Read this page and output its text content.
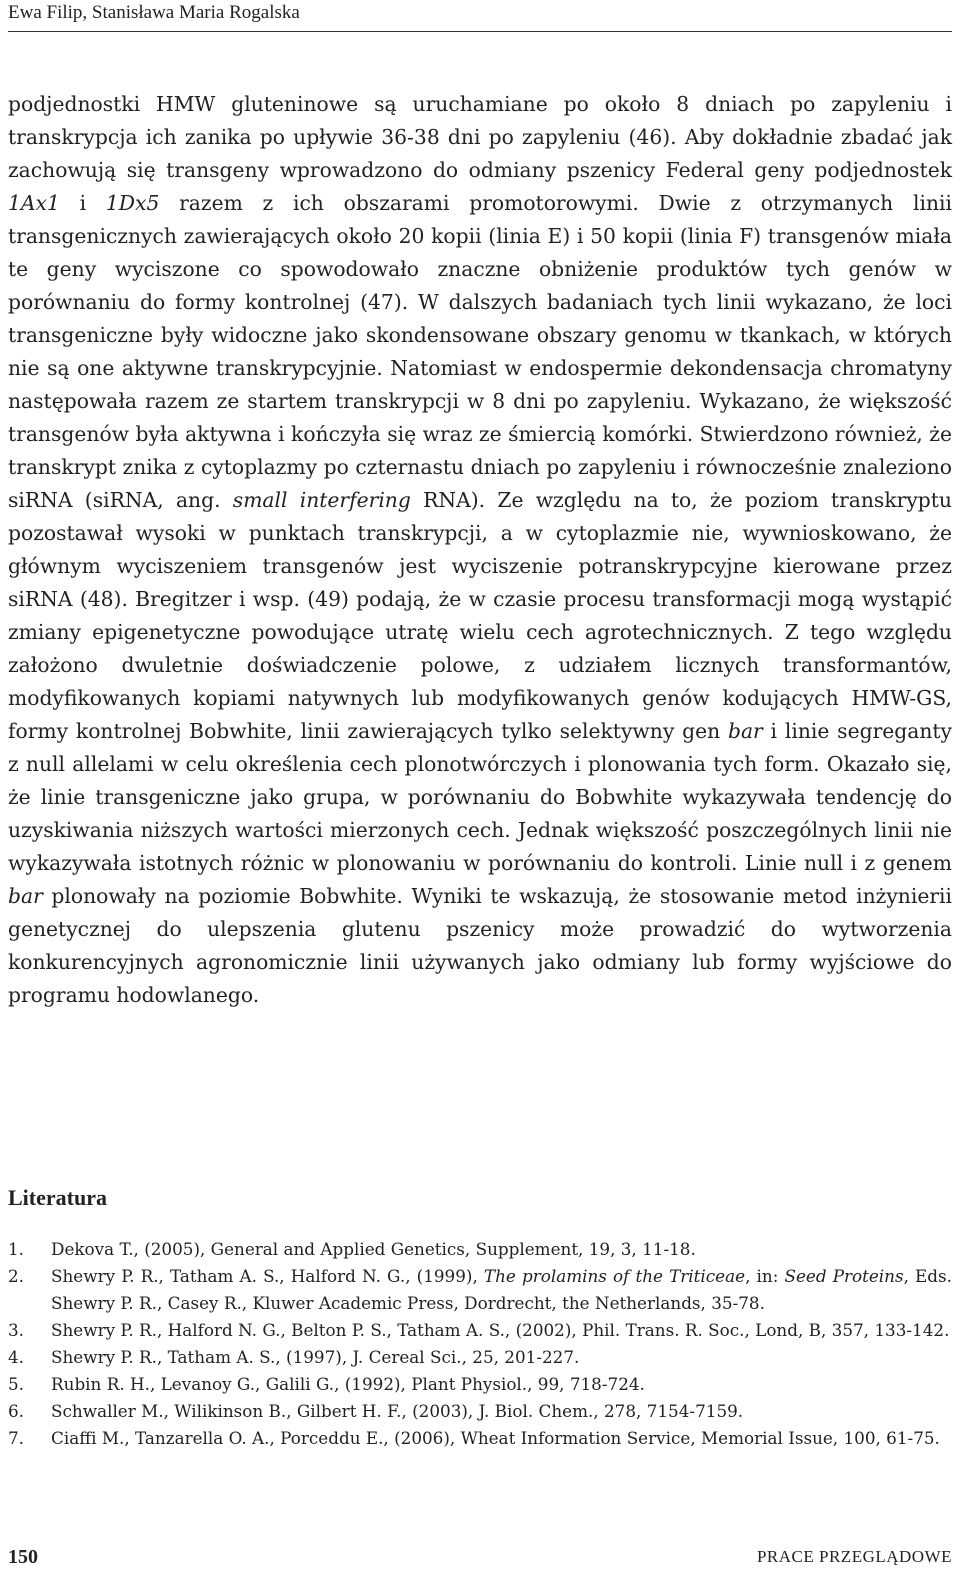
Ewa Filip, Stanisława Maria Rogalska

podjednostki HMW gluteninowe są uruchamiane po około 8 dniach po zapyleniu i transkrypcja ich zanika po upływie 36-38 dni po zapyleniu (46). Aby dokładnie zbadać jak zachowują się transgeny wprowadzono do odmiany pszenicy Federal geny podjednostek 1Ax1 i 1Dx5 razem z ich obszarami promotorowymi. Dwie z otrzymanych linii transgenicznych zawierających około 20 kopii (linia E) i 50 kopii (linia F) transgenów miała te geny wyciszone co spowodowało znaczne obniżenie produktów tych genów w porównaniu do formy kontrolnej (47). W dalszych badaniach tych linii wykazano, że loci transgeniczne były widoczne jako skondensowane obszary genomu w tkankach, w których nie są one aktywne transkrypcyjnie. Natomiast w endospermie dekondensacja chromatyny następowała razem ze startem transkrypcji w 8 dni po zapyleniu. Wykazano, że większość transgenów była aktywna i kończyła się wraz ze śmiercią komórki. Stwierdzono również, że transkrypt znika z cytoplazmy po czternastu dniach po zapyleniu i równocześnie znaleziono siRNA (siRNA, ang. small interfering RNA). Ze względu na to, że poziom transkryptu pozostawał wysoki w punktach transkrypcji, a w cytoplazmie nie, wywnioskowano, że głównym wyciszeniem transgenów jest wyciszenie potranskrypcyjne kierowane przez siRNA (48). Bregitzer i wsp. (49) podają, że w czasie procesu transformacji mogą wystąpić zmiany epigenetyczne powodujące utratę wielu cech agrotechnicznych. Z tego względu założono dwuletnie doświadczenie polowe, z udziałem licznych transformantów, modyfikowanych kopiami natywnych lub modyfikowanych genów kodujących HMW-GS, formy kontrolnej Bobwhite, linii zawierających tylko selektywny gen bar i linie segreganty z null allelami w celu określenia cech plonotwórczych i plonowania tych form. Okazało się, że linie transgeniczne jako grupa, w porównaniu do Bobwhite wykazywała tendencję do uzyskiwania niższych wartości mierzonych cech. Jednak większość poszczególnych linii nie wykazywała istotnych różnic w plonowaniu w porównaniu do kontroli. Linie null i z genem bar plonowały na poziomie Bobwhite. Wyniki te wskazują, że stosowanie metod inżynierii genetycznej do ulepszenia glutenu pszenicy może prowadzić do wytworzenia konkurencyjnych agronomicznie linii używanych jako odmiany lub formy wyjściowe do programu hodowlanego.

Literatura
1.	Dekova T., (2005), General and Applied Genetics, Supplement, 19, 3, 11-18.
2.	Shewry P. R., Tatham A. S., Halford N. G., (1999), The prolamins of the Triticeae, in: Seed Proteins, Eds. Shewry P. R., Casey R., Kluwer Academic Press, Dordrecht, the Netherlands, 35-78.
3.	Shewry P. R., Halford N. G., Belton P. S., Tatham A. S., (2002), Phil. Trans. R. Soc., Lond, B, 357, 133-142.
4.	Shewry P. R., Tatham A. S., (1997), J. Cereal Sci., 25, 201-227.
5.	Rubin R. H., Levanoy G., Galili G., (1992), Plant Physiol., 99, 718-724.
6.	Schwaller M., Wilikinson B., Gilbert H. F., (2003), J. Biol. Chem., 278, 7154-7159.
7.	Ciaffi M., Tanzarella O. A., Porceddu E., (2006), Wheat Information Service, Memorial Issue, 100, 61-75.
150	PRACE PRZEGLĄDOWE
